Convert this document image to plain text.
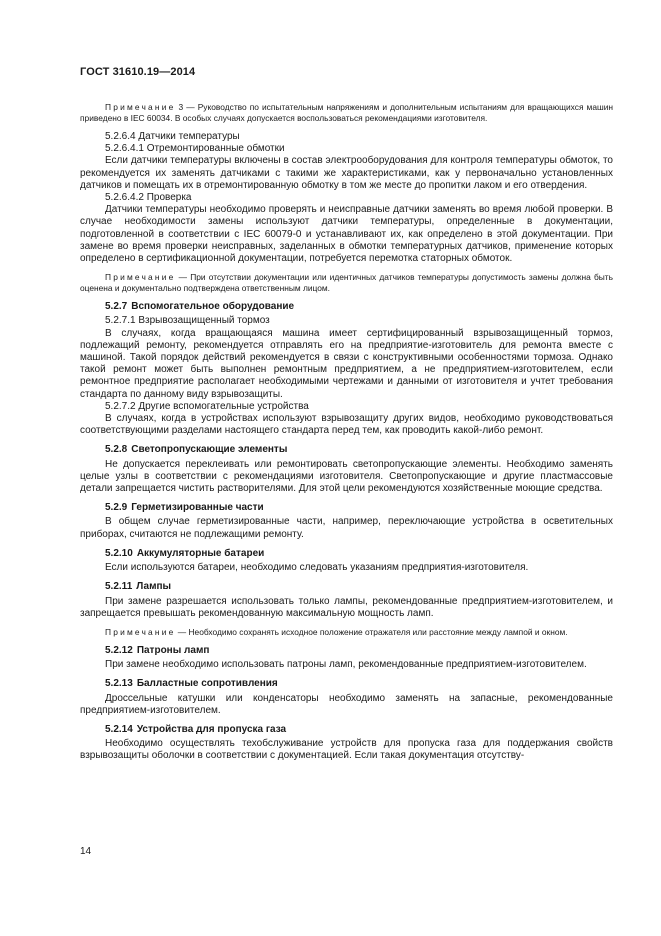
ГОСТ 31610.19—2014

Примечание 3 — Руководство по испытательным напряжениям и дополнительным испытаниям для вращающихся машин приведено в IEC 60034. В особых случаях допускается воспользоваться рекомендациями изготовителя.

5.2.6.4 Датчики температуры

5.2.6.4.1 Отремонтированные обмотки

Если датчики температуры включены в состав электрооборудования для контроля температуры обмоток, то рекомендуется их заменять датчиками с такими же характеристиками, как у первоначально установленных датчиков и помещать их в отремонтированную обмотку в том же месте до пропитки лаком и его отвердения.

5.2.6.4.2 Проверка

Датчики температуры необходимо проверять и неисправные датчики заменять во время любой проверки. В случае необходимости замены используют датчики температуры, определенные в документации, подготовленной в соответствии с IEC 60079-0 и устанавливают их, как определено в этой документации. При замене во время проверки неисправных, заделанных в обмотки температурных датчиков, применение которых определено в сертификационной документации, потребуется перемотка статорных обмоток.

Примечание — При отсутствии документации или идентичных датчиков температуры допустимость замены должна быть оценена и документально подтверждена ответственным лицом.

5.2.7 Вспомогательное оборудование

5.2.7.1 Взрывозащищенный тормоз

В случаях, когда вращающаяся машина имеет сертифицированный взрывозащищенный тормоз, подлежащий ремонту, рекомендуется отправлять его на предприятие-изготовитель для ремонта вместе с машиной. Такой порядок действий рекомендуется в связи с конструктивными особенностями тормоза. Однако такой ремонт может быть выполнен ремонтным предприятием, а не предприятием-изготовителем, если ремонтное предприятие располагает необходимыми чертежами и данными от изготовителя и учтет требования стандарта по данному виду взрывозащиты.

5.2.7.2 Другие вспомогательные устройства

В случаях, когда в устройствах используют взрывозащиту других видов, необходимо руководствоваться соответствующими разделами настоящего стандарта перед тем, как проводить какой-либо ремонт.

5.2.8 Светопропускающие элементы

Не допускается переклеивать или ремонтировать светопропускающие элементы. Необходимо заменять целые узлы в соответствии с рекомендациями изготовителя. Светопропускающие и другие пластмассовые детали запрещается чистить растворителями. Для этой цели рекомендуются хозяйственные моющие средства.

5.2.9 Герметизированные части

В общем случае герметизированные части, например, переключающие устройства в осветительных приборах, считаются не подлежащими ремонту.

5.2.10 Аккумуляторные батареи

Если используются батареи, необходимо следовать указаниям предприятия-изготовителя.

5.2.11 Лампы

При замене разрешается использовать только лампы, рекомендованные предприятием-изготовителем, и запрещается превышать рекомендованную максимальную мощность ламп.

Примечание — Необходимо сохранять исходное положение отражателя или расстояние между лампой и окном.

5.2.12 Патроны ламп

При замене необходимо использовать патроны ламп, рекомендованные предприятием-изготовителем.

5.2.13 Балластные сопротивления

Дроссельные катушки или конденсаторы необходимо заменять на запасные, рекомендованные предприятием-изготовителем.

5.2.14 Устройства для пропуска газа

Необходимо осуществлять техобслуживание устройств для пропуска газа для поддержания свойств взрывозащиты оболочки в соответствии с документацией. Если такая документация отсутству-

14
